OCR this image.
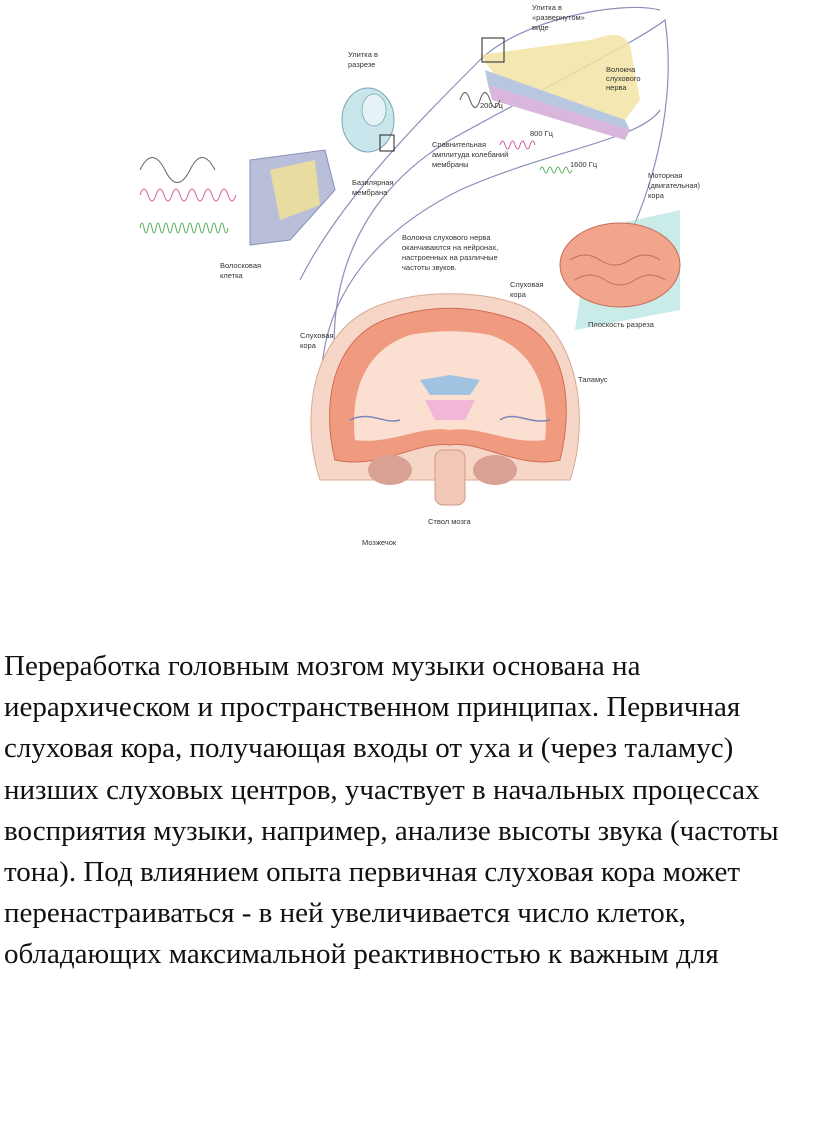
Улитка в
«развернутом»
виде
Волокна
слухового
нерва
Улитка в
разрезе
200 Гц
800 Гц
1600 Гц
Сравнительная
амплитуда колебаний
мембраны
Волосковая
клетка
Базилярная
мембрана
Моторная
(двигательная)
кора
Слуховая
кора
Плоскость разреза
Волокна слухового нерва
оканчиваются на нейронах,
настроенных на различные
частоты звуков.
Слуховая
кора
Таламус
Ствол мозга
Мозжечок

Переработка головным мозгом музыки основана на иерархическом и пространственном принципах. Первичная слуховая кора, получающая входы от уха и (через таламус) низших слуховых центров, участвует в начальных процессах восприятия музыки, например, анализе высоты звука (частоты тона). Под влиянием опыта первичная слуховая кора может перенастраиваться - в ней увеличивается число клеток, обладающих максимальной реактивностью к важным для
